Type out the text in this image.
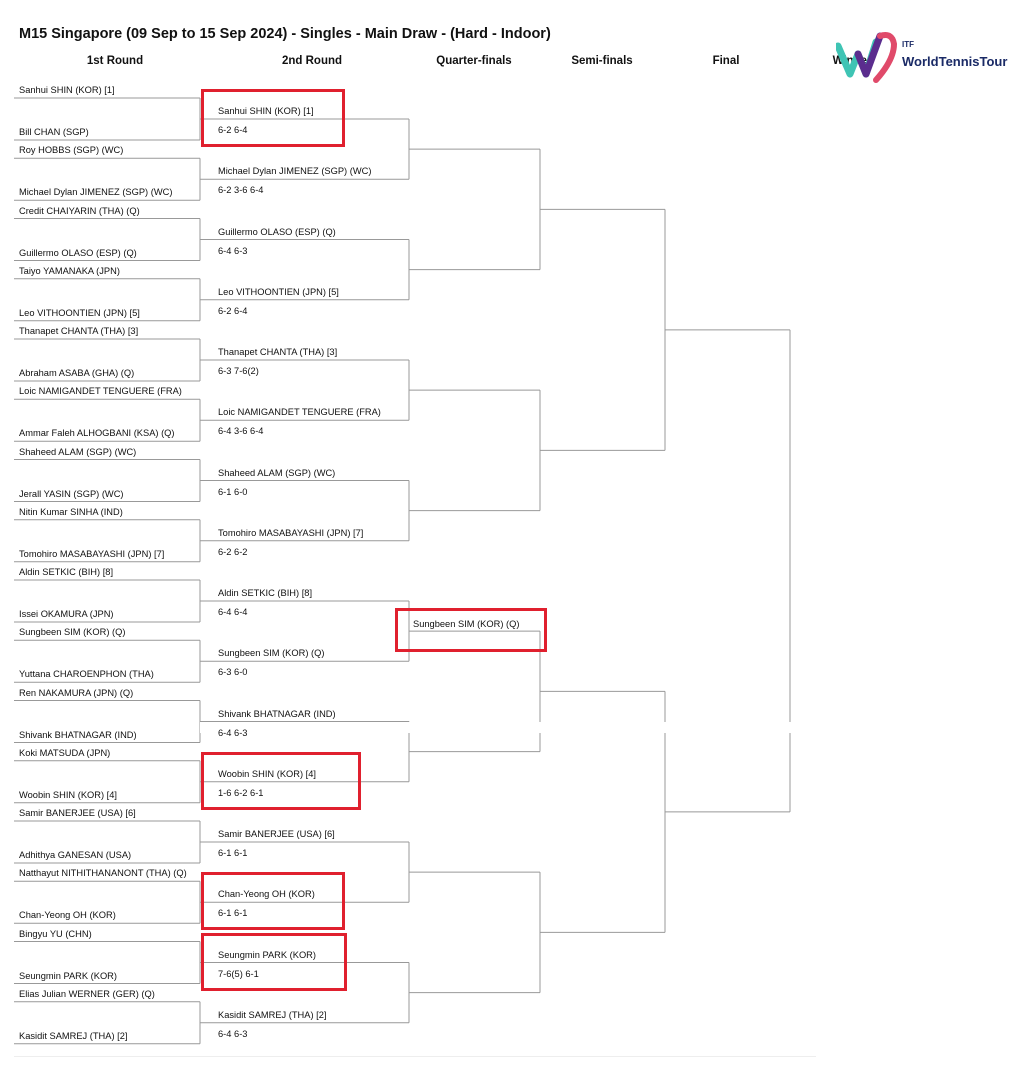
M15 Singapore (09 Sep to 15 Sep 2024) - Singles - Main Draw - (Hard - Indoor)
1st Round	2nd Round	Quarter-finals	Semi-finals	Final	Winner
ITF
WorldTennisTour
Sanhui SHIN (KOR) [1]
Bill CHAN (SGP)
Roy HOBBS (SGP) (WC)
Michael Dylan JIMENEZ (SGP) (WC)
Credit CHAIYARIN (THA) (Q)
Guillermo OLASO (ESP) (Q)
Taiyo YAMANAKA (JPN)
Leo VITHOONTIEN (JPN) [5]
Thanapet CHANTA (THA) [3]
Abraham ASABA (GHA) (Q)
Loic NAMIGANDET TENGUERE (FRA)
Ammar Faleh ALHOGBANI (KSA) (Q)
Shaheed ALAM (SGP) (WC)
Jerall YASIN (SGP) (WC)
Nitin Kumar SINHA (IND)
Tomohiro MASABAYASHI (JPN) [7]
Aldin SETKIC (BIH) [8]
Issei OKAMURA (JPN)
Sungbeen SIM (KOR) (Q)
Yuttana CHAROENPHON (THA)
Ren NAKAMURA (JPN) (Q)
Shivank BHATNAGAR (IND)
Koki MATSUDA (JPN)
Woobin SHIN (KOR) [4]
Samir BANERJEE (USA) [6]
Adhithya GANESAN (USA)
Natthayut NITHITHANANONT (THA) (Q)
Chan-Yeong OH (KOR)
Bingyu YU (CHN)
Seungmin PARK (KOR)
Elias Julian WERNER (GER) (Q)
Kasidit SAMREJ (THA) [2]
Sanhui SHIN (KOR) [1]
6-2 6-4
Michael Dylan JIMENEZ (SGP) (WC)
6-2 3-6 6-4
Guillermo OLASO (ESP) (Q)
6-4 6-3
Leo VITHOONTIEN (JPN) [5]
6-2 6-4
Thanapet CHANTA (THA) [3]
6-3 7-6(2)
Loic NAMIGANDET TENGUERE (FRA)
6-4 3-6 6-4
Shaheed ALAM (SGP) (WC)
6-1 6-0
Tomohiro MASABAYASHI (JPN) [7]
6-2 6-2
Aldin SETKIC (BIH) [8]
6-4 6-4
Sungbeen SIM (KOR) (Q)
6-3 6-0
Shivank BHATNAGAR (IND)
6-4 6-3
Woobin SHIN (KOR) [4]
1-6 6-2 6-1
Samir BANERJEE (USA) [6]
6-1 6-1
Chan-Yeong OH (KOR)
6-1 6-1
Seungmin PARK (KOR)
7-6(5) 6-1
Kasidit SAMREJ (THA) [2]
6-4 6-3
Sungbeen SIM (KOR) (Q)
